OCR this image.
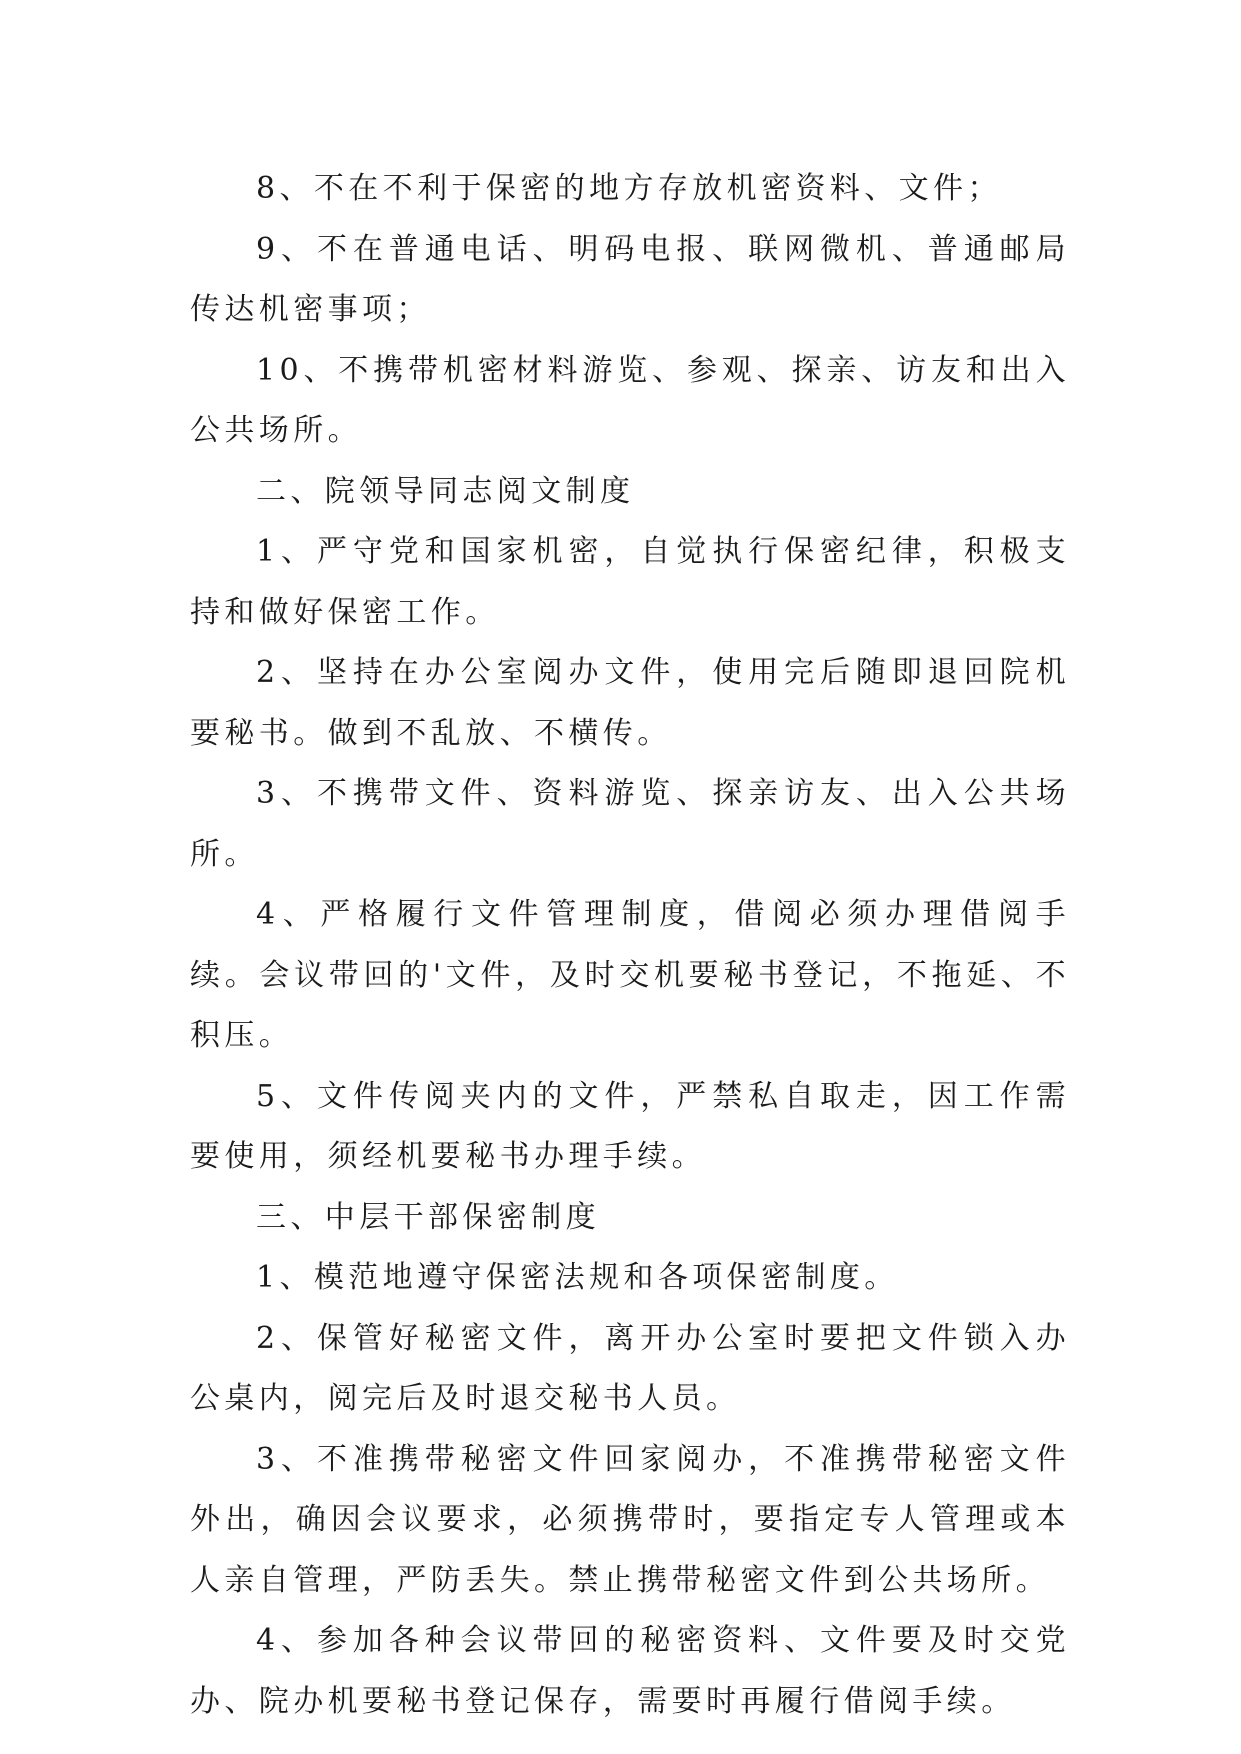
8、不在不利于保密的地方存放机密资料、文件；

9、不在普通电话、明码电报、联网微机、普通邮局传达机密事项；

10、不携带机密材料游览、参观、探亲、访友和出入公共场所。

二、院领导同志阅文制度

1、严守党和国家机密，自觉执行保密纪律，积极支持和做好保密工作。

2、坚持在办公室阅办文件，使用完后随即退回院机要秘书。做到不乱放、不横传。

3、不携带文件、资料游览、探亲访友、出入公共场所。

4、严格履行文件管理制度，借阅必须办理借阅手续。会议带回的'文件，及时交机要秘书登记，不拖延、不积压。

5、文件传阅夹内的文件，严禁私自取走，因工作需要使用，须经机要秘书办理手续。

三、中层干部保密制度

1、模范地遵守保密法规和各项保密制度。

2、保管好秘密文件，离开办公室时要把文件锁入办公桌内，阅完后及时退交秘书人员。

3、不准携带秘密文件回家阅办，不准携带秘密文件外出，确因会议要求，必须携带时，要指定专人管理或本人亲自管理，严防丢失。禁止携带秘密文件到公共场所。

4、参加各种会议带回的秘密资料、文件要及时交党办、院办机要秘书登记保存，需要时再履行借阅手续。
